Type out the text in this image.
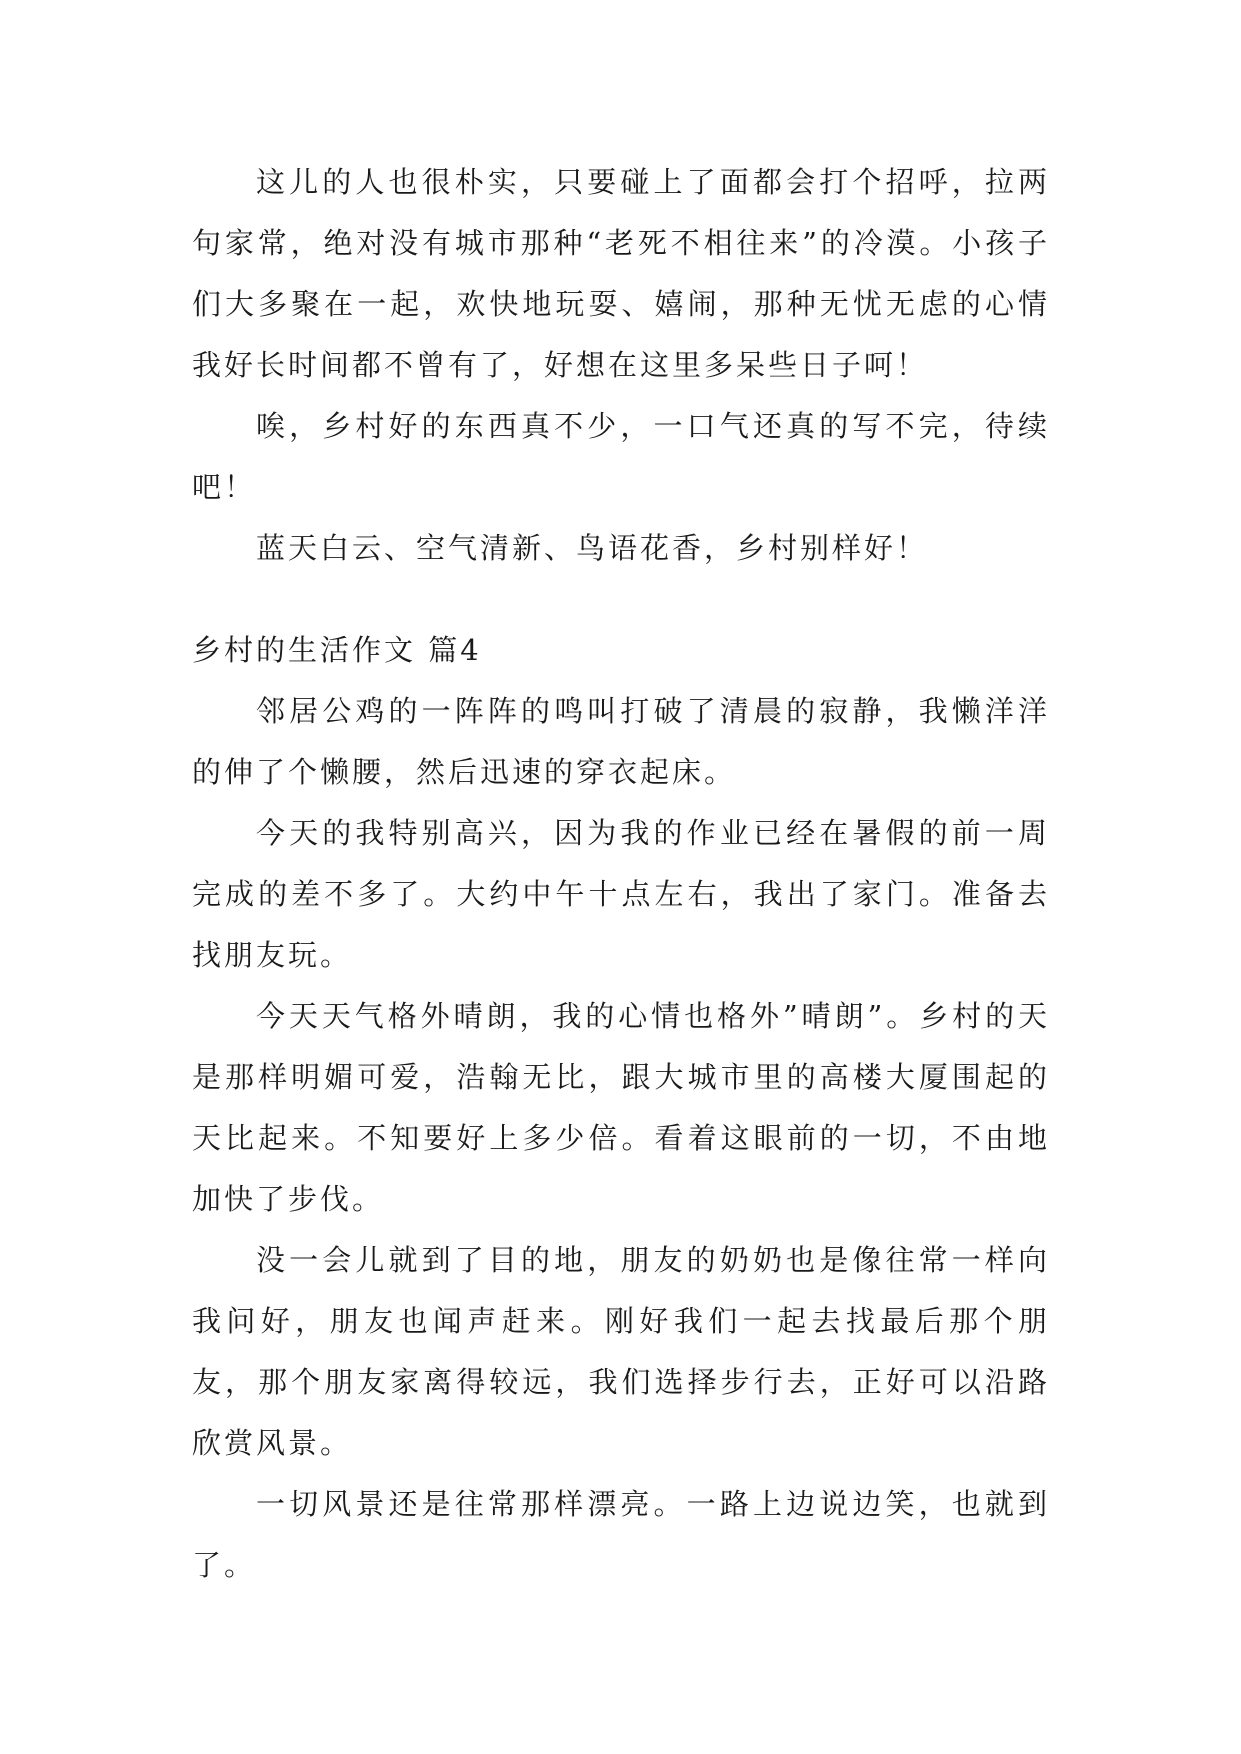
这儿的人也很朴实，只要碰上了面都会打个招呼，拉两句家常，绝对没有城市那种“老死不相往来”的冷漠。小孩子们大多聚在一起，欢快地玩耍、嬉闹，那种无忧无虑的心情我好长时间都不曾有了，好想在这里多呆些日子呵！

唉，乡村好的东西真不少，一口气还真的写不完，待续吧！

蓝天白云、空气清新、鸟语花香，乡村别样好！

乡村的生活作文 篇4

邻居公鸡的一阵阵的鸣叫打破了清晨的寂静，我懒洋洋的伸了个懒腰，然后迅速的穿衣起床。

今天的我特别高兴，因为我的作业已经在暑假的前一周完成的差不多了。大约中午十点左右，我出了家门。准备去找朋友玩。

今天天气格外晴朗，我的心情也格外”晴朗”。乡村的天是那样明媚可爱，浩翰无比，跟大城市里的高楼大厦围起的天比起来。不知要好上多少倍。看着这眼前的一切，不由地加快了步伐。

没一会儿就到了目的地，朋友的奶奶也是像往常一样向我问好，朋友也闻声赶来。刚好我们一起去找最后那个朋友，那个朋友家离得较远，我们选择步行去，正好可以沿路欣赏风景。

一切风景还是往常那样漂亮。一路上边说边笑，也就到了。
